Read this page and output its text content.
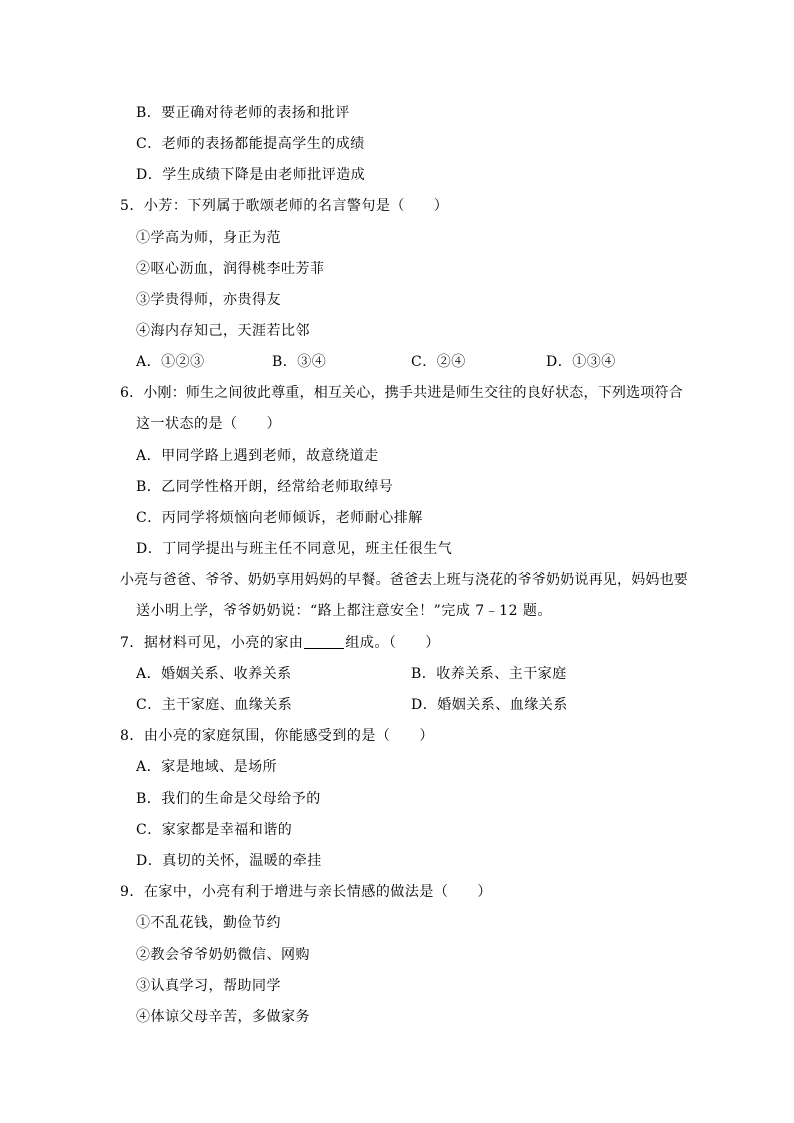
B．要正确对待老师的表扬和批评
C．老师的表扬都能提高学生的成绩
D．学生成绩下降是由老师批评造成
5．小芳：下列属于歌颂老师的名言警句是（　　）
①学高为师，身正为范
②呕心沥血，润得桃李吐芳菲
③学贵得师，亦贵得友
④海内存知己，天涯若比邻
A．①②③	B．③④	C．②④	D．①③④
6．小刚：师生之间彼此尊重，相互关心，携手共进是师生交往的良好状态，下列选项符合
这一状态的是（　　）
A．甲同学路上遇到老师，故意绕道走
B．乙同学性格开朗，经常给老师取绰号
C．丙同学将烦恼向老师倾诉，老师耐心排解
D．丁同学提出与班主任不同意见，班主任很生气
小亮与爸爸、爷爷、奶奶享用妈妈的早餐。爸爸去上班与浇花的爷爷奶奶说再见，妈妈也要
送小明上学，爷爷奶奶说：“路上都注意安全！”完成 7﹣12 题。
7．据材料可见，小亮的家由	组成。（　　）
A．婚姻关系、收养关系	B．收养关系、主干家庭
C．主干家庭、血缘关系	D．婚姻关系、血缘关系
8．由小亮的家庭氛围，你能感受到的是（　　）
A．家是地域、是场所
B．我们的生命是父母给予的
C．家家都是幸福和谐的
D．真切的关怀，温暖的牵挂
9．在家中，小亮有利于增进与亲长情感的做法是（　　）
①不乱花钱，勤俭节约
②教会爷爷奶奶微信、网购
③认真学习，帮助同学
④体谅父母辛苦，多做家务
